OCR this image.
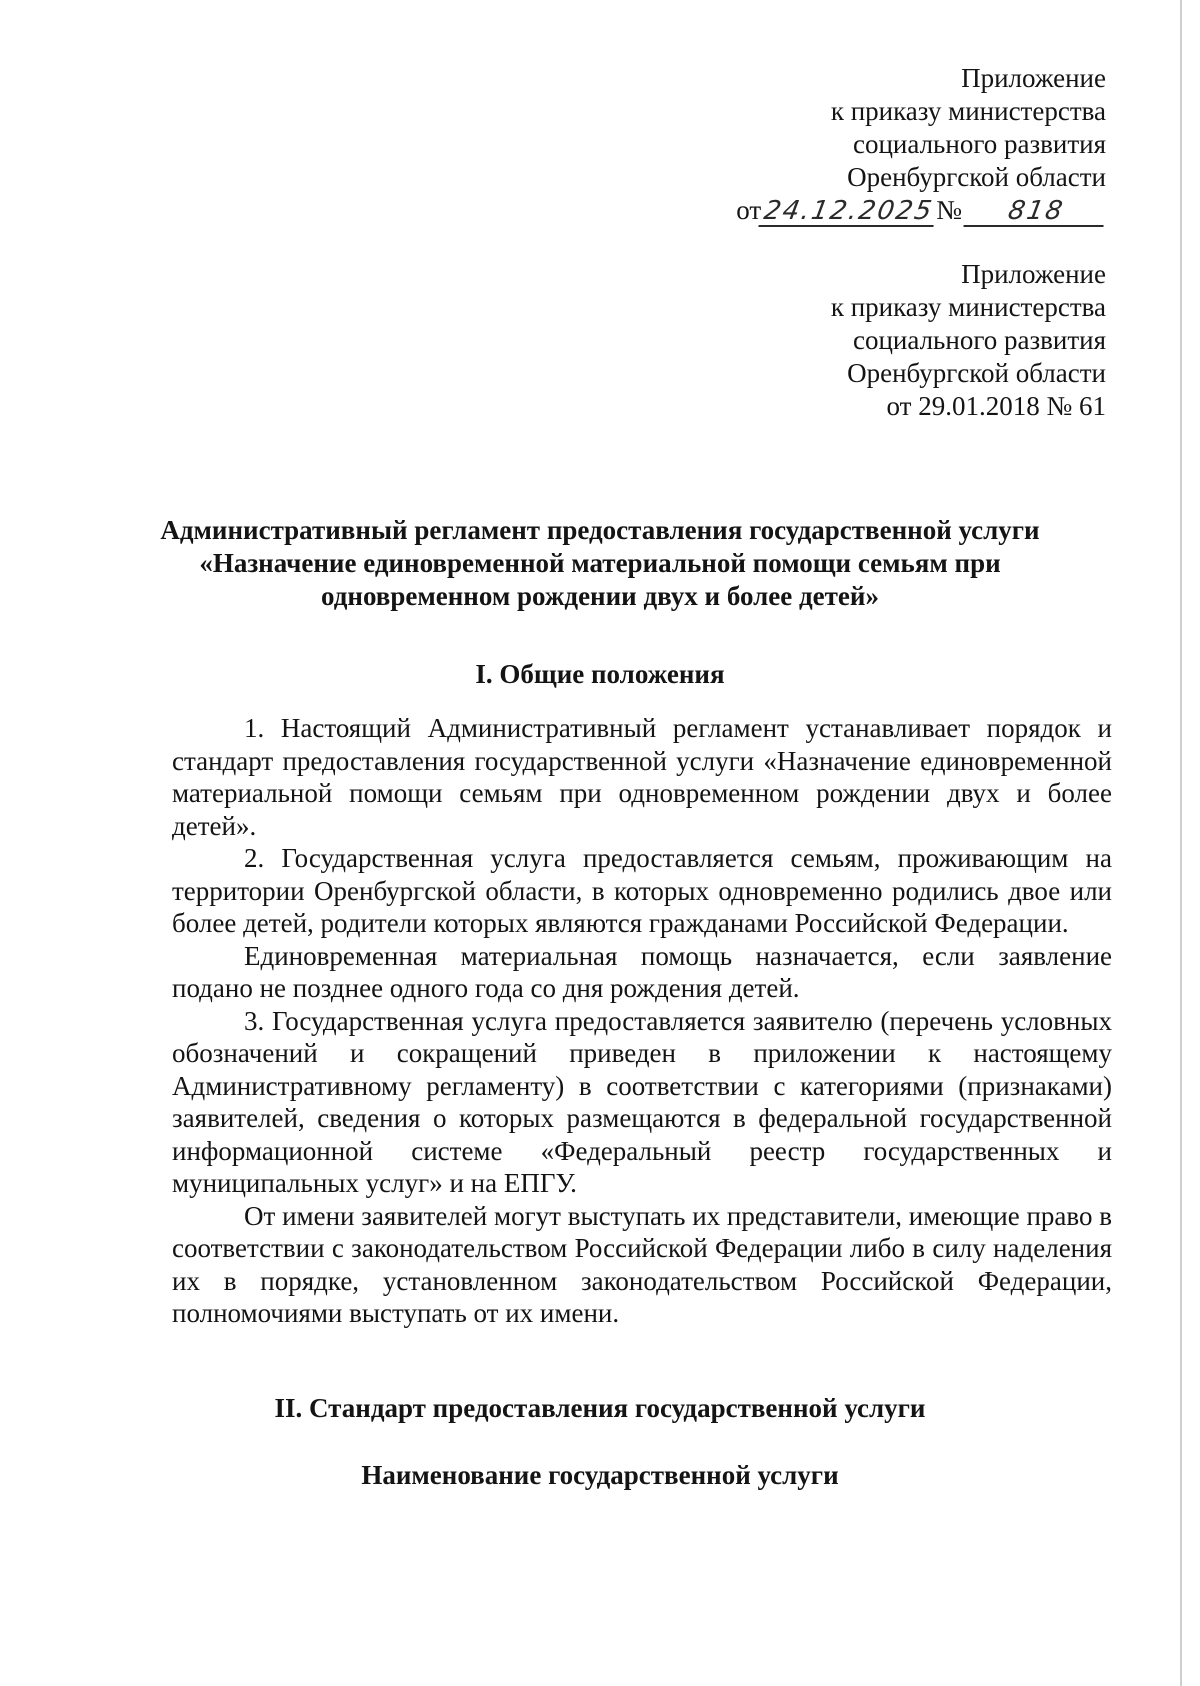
Приложение
к приказу министерства
социального развития
Оренбургской области
от 24.12.2025 №	818
Приложение
к приказу министерства
социального развития
Оренбургской области
от 29.01.2018 № 61
Административный регламент предоставления государственной услуги
«Назначение единовременной материальной помощи семьям при
одновременном рождении двух и более детей»
I. Общие положения

1. Настоящий Административный регламент устанавливает порядок и стандарт предоставления государственной услуги «Назначение единовременной материальной помощи семьям при одновременном рождении двух и более детей».

2. Государственная услуга предоставляется семьям, проживающим на территории Оренбургской области, в которых одновременно родились двое или более детей, родители которых являются гражданами Российской Федерации.

Единовременная материальная помощь назначается, если заявление подано не позднее одного года со дня рождения детей.

3. Государственная услуга предоставляется заявителю (перечень условных обозначений и сокращений приведен в приложении к настоящему Административному регламенту) в соответствии с категориями (признаками) заявителей, сведения о которых размещаются в федеральной государственной информационной системе «Федеральный реестр государственных и муниципальных услуг» и на ЕПГУ.

От имени заявителей могут выступать их представители, имеющие право в соответствии с законодательством Российской Федерации либо в силу наделения их в порядке, установленном законодательством Российской Федерации, полномочиями выступать от их имени.

II. Стандарт предоставления государственной услуги
Наименование государственной услуги
